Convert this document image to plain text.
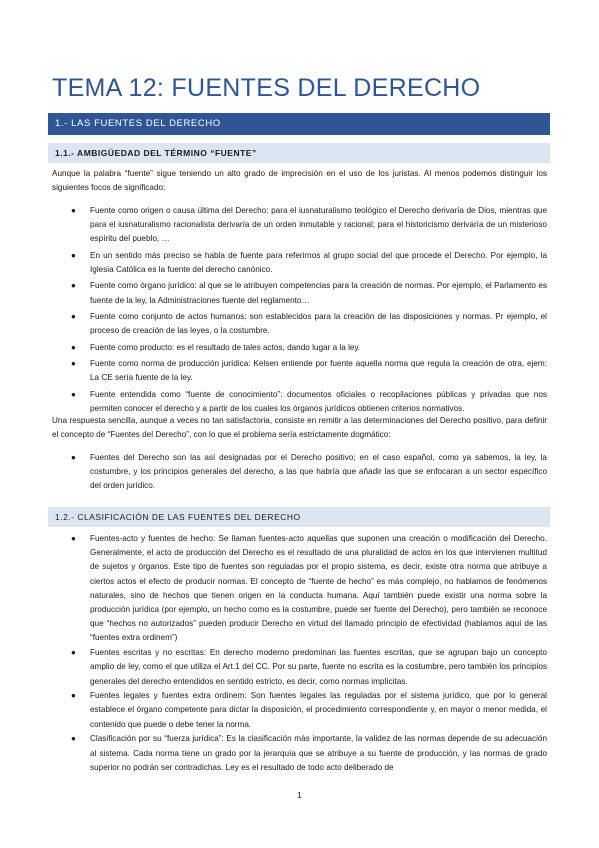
TEMA 12: FUENTES DEL DERECHO
1.- LAS FUENTES DEL DERECHO
1.1.- AMBIGÜEDAD DEL TÉRMINO “FUENTE”
Aunque la palabra “fuente” sigue teniendo un alto grado de imprecisión en el uso de los juristas. Al menos podemos distinguir los siguientes focos de significado:
● Fuente como origen o causa última del Derecho: para el iusnaturalismo teológico el Derecho derivaría de Dios, mientras que para el iusnaturalismo racionalista derivaría de un orden inmutable y racional; para el historicismo derivaría de un misterioso espíritu del pueblo, …
● En un sentido más preciso se habla de fuente para referirnos al grupo social del que procede el Derecho. Por ejemplo, la Iglesia Católica es la fuente del derecho canónico.
● Fuente como órgano jurídico: al que se le atribuyen competencias para la creación de normas. Por ejemplo, el Parlamento es fuente de la ley, la Administraciones fuente del reglamento…
● Fuente como conjunto de actos humanos: son establecidos para la creación de las disposiciones y normas. Pr ejemplo, el proceso de creación de las leyes, o la costumbre.
● Fuente como producto: es el resultado de tales actos, dando lugar a la ley.
● Fuente como norma de producción jurídica: Kelsen entiende por fuente aquella norma que regula la creación de otra, ejem: La CE sería fuente de la ley.
● Fuente entendida como “fuente de conocimiento”: documentos oficiales o recopilaciones públicas y privadas que nos permiten conocer el derecho y a partir de los cuales los órganos jurídicos obtienen criterios normativos.
Una respuesta sencilla, aunque a veces no tan satisfactoria, consiste en remitir a las determinaciones del Derecho positivo, para definir el concepto de “Fuentes del Derecho”, con lo que el problema sería estrictamente dogmático:
● Fuentes del Derecho son las así designadas por el Derecho positivo; en el caso español, como ya sabemos, la ley, la costumbre, y los principios generales del derecho, a las que habría que añadir las que se enfocaran a un sector específico del orden jurídico.
1.2.- CLASIFICACIÓN DE LAS FUENTES DEL DERECHO
● Fuentes-acto y fuentes de hecho: Se llaman fuentes-acto aquellas que suponen una creación o modificación del Derecho. Generalmente, el acto de producción del Derecho es el resultado de una pluralidad de actos en los que intervienen multitud de sujetos y órganos. Este tipo de fuentes son reguladas por el propio sistema, es decir, existe otra norma que atribuye a ciertos actos el efecto de producir normas. El concepto de “fuente de hecho” es más complejo, no hablamos de fenómenos naturales, sino de hechos que tienen origen en la conducta humana. Aquí también puede existir una norma sobre la producción jurídica (por ejemplo, un hecho como es la costumbre, puede ser fuente del Derecho), pero también se reconoce que “hechos no autorizados” pueden producir Derecho en virtud del llamado principio de efectividad (hablamos aquí de las “fuentes extra ordinem”)
● Fuentes escritas y no escritas: En derecho moderno predominan las fuentes escritas, que se agrupan bajo un concepto amplio de ley, como el que utiliza el Art.1 del CC. Por su parte, fuente no escrita es la costumbre, pero también los principios generales del derecho entendidos en sentido estricto, es decir, como normas implícitas.
● Fuentes legales y fuentes extra ordinem: Son fuentes legales las reguladas por el sistema jurídico, que por lo general establece el órgano competente para dictar la disposición, el procedimiento correspondiente y, en mayor o menor medida, el contenido que puede o debe tener la norma.
● Clasificación por su “fuerza jurídica”: Es la clasificación más importante, la validez de las normas depende de su adecuación al sistema. Cada norma tiene un grado por la jerarquía que se atribuye a su fuente de producción, y las normas de grado superior no podrán ser contradichas. Ley es el resultado de todo acto deliberado de
1
